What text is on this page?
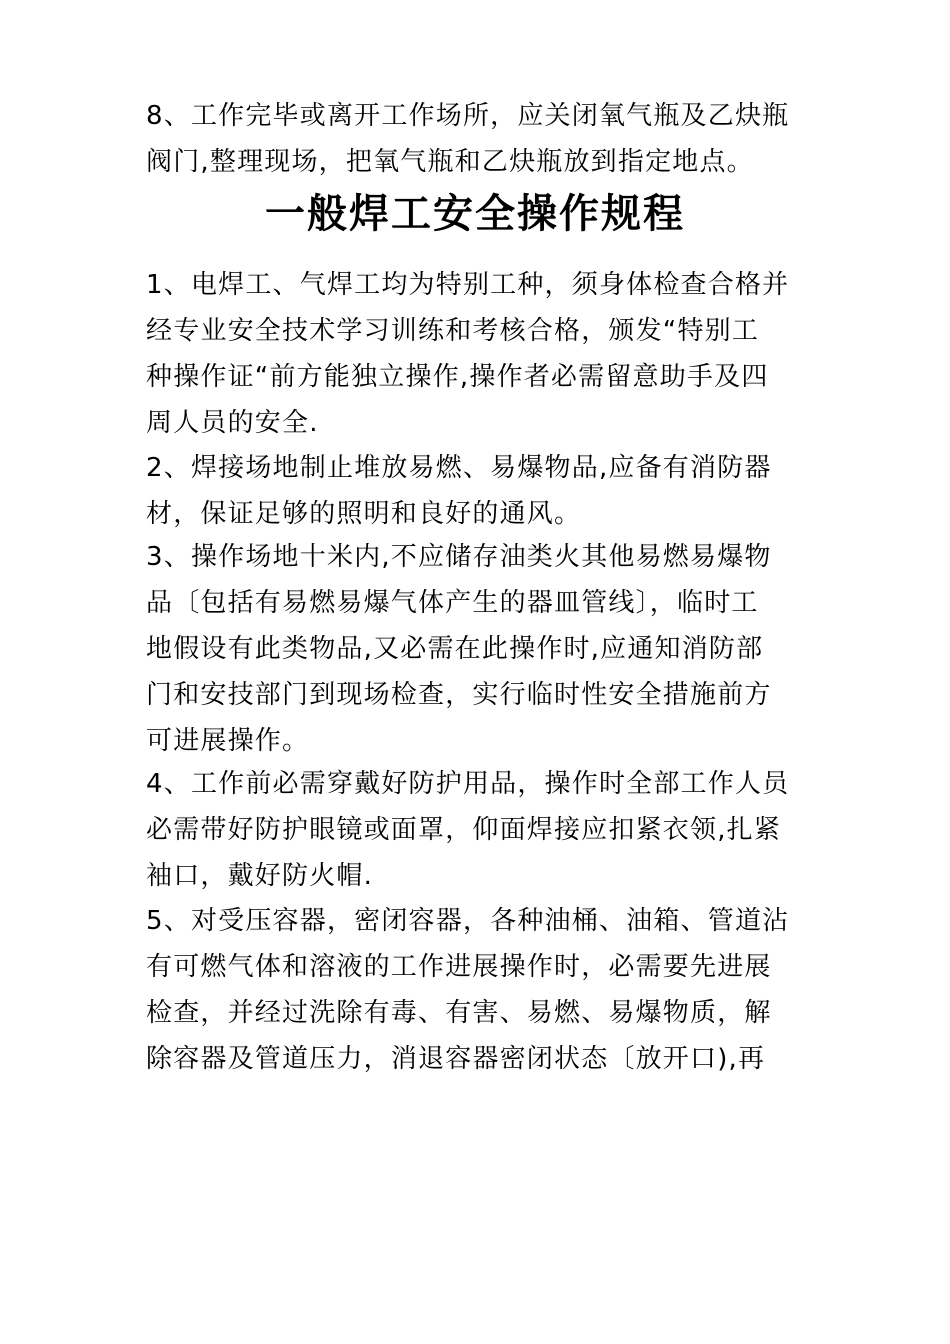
8、工作完毕或离开工作场所，应关闭氧气瓶及乙炔瓶
阀门,整理现场，把氧气瓶和乙炔瓶放到指定地点。
一般焊工安全操作规程
1、电焊工、气焊工均为特别工种，须身体检查合格并
经专业安全技术学习训练和考核合格，颁发“特别工
种操作证“前方能独立操作,操作者必需留意助手及四
周人员的安全.
2、焊接场地制止堆放易燃、易爆物品,应备有消防器
材，保证足够的照明和良好的通风。
3、操作场地十米内,不应储存油类火其他易燃易爆物
品〔包括有易燃易爆气体产生的器皿管线〕，临时工
地假设有此类物品,又必需在此操作时,应通知消防部
门和安技部门到现场检查，实行临时性安全措施前方
可进展操作。
4、工作前必需穿戴好防护用品，操作时全部工作人员
必需带好防护眼镜或面罩，仰面焊接应扣紧衣领,扎紧
袖口，戴好防火帽.
5、对受压容器，密闭容器，各种油桶、油箱、管道沾
有可燃气体和溶液的工作进展操作时，必需要先进展
检查，并经过洗除有毒、有害、易燃、易爆物质，解
除容器及管道压力，消退容器密闭状态〔放开口),再
